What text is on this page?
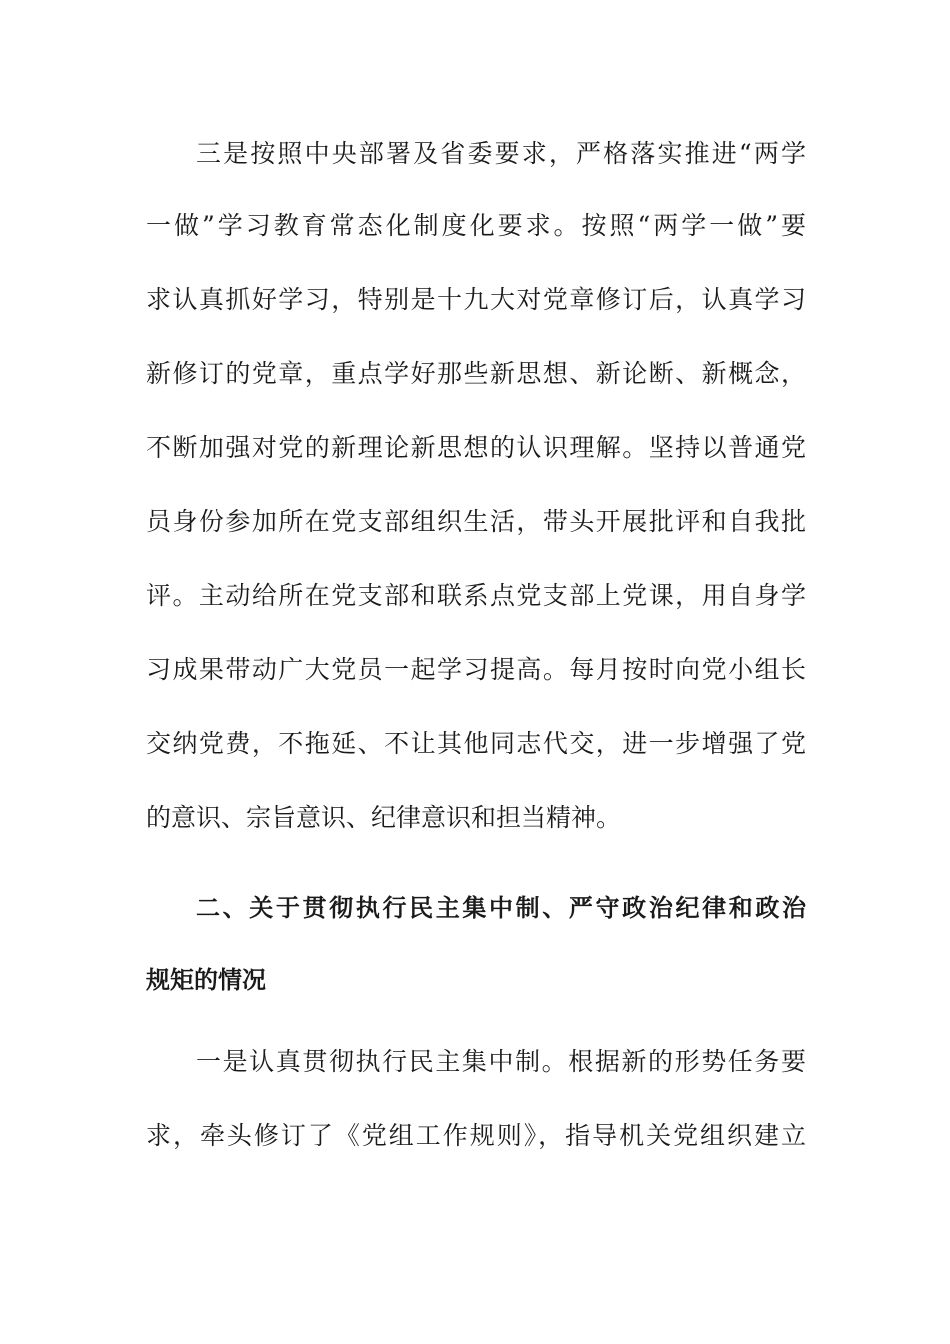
三是按照中央部署及省委要求，严格落实推进“两学
一做”学习教育常态化制度化要求。按照“两学一做”要
求认真抓好学习，特别是十九大对党章修订后，认真学习
新修订的党章，重点学好那些新思想、新论断、新概念，
不断加强对党的新理论新思想的认识理解。坚持以普通党
员身份参加所在党支部组织生活，带头开展批评和自我批
评。主动给所在党支部和联系点党支部上党课，用自身学
习成果带动广大党员一起学习提高。每月按时向党小组长
交纳党费，不拖延、不让其他同志代交，进一步增强了党
的意识、宗旨意识、纪律意识和担当精神。
二、关于贯彻执行民主集中制、严守政治纪律和政治
规矩的情况
一是认真贯彻执行民主集中制。根据新的形势任务要
求，牵头修订了《党组工作规则》，指导机关党组织建立
